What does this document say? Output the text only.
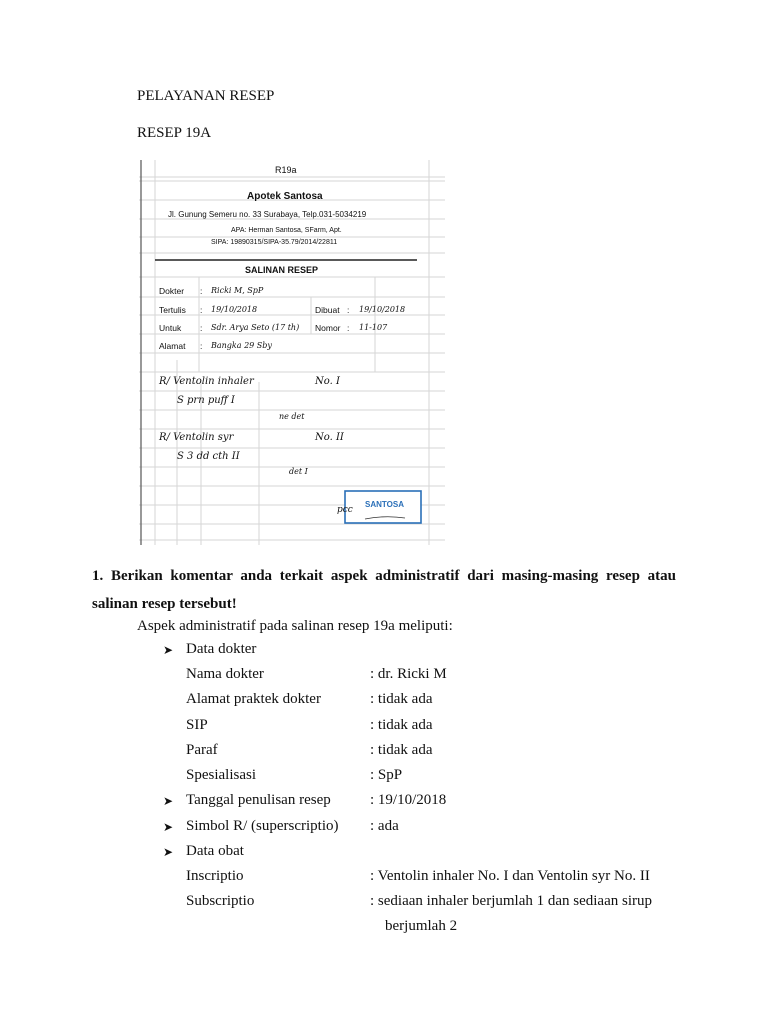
PELAYANAN RESEP
RESEP 19A
R19a
Apotek Santosa
Jl. Gunung Semeru no. 33 Surabaya, Telp.031-5034219
APA: Herman Santosa, SFarm, Apt.
SIPA: 19890315/SIPA-35.79/2014/22811
SALINAN RESEP
Dokter : Ricki M, SpP
Tertulis : 19/10/2018	Dibuat : 19/10/2018
Untuk : Sdr. Arya Seto (17 th) Nomor : 11-107
Alamat : Bangka 29 Sby
R/ Ventolin inhaler	No. I
S prn puff I
ne det
R/ Ventolin syr	No. II
S 3 dd cth II
det I
pcc
SANTOSA
1. Berikan komentar anda terkait aspek administratif dari masing-masing resep atau salinan resep tersebut!
Aspek administratif pada salinan resep 19a meliputi:
➤ Data dokter
Nama dokter	: dr. Ricki M
Alamat praktek dokter	: tidak ada
SIP	: tidak ada
Paraf	: tidak ada
Spesialisasi	: SpP
➤ Tanggal penulisan resep	: 19/10/2018
➤ Simbol R/ (superscriptio) : ada
➤ Data obat
Inscriptio	: Ventolin inhaler No. I dan Ventolin syr No. II
Subscriptio	: sediaan inhaler berjumlah 1 dan sediaan sirup
berjumlah 2
